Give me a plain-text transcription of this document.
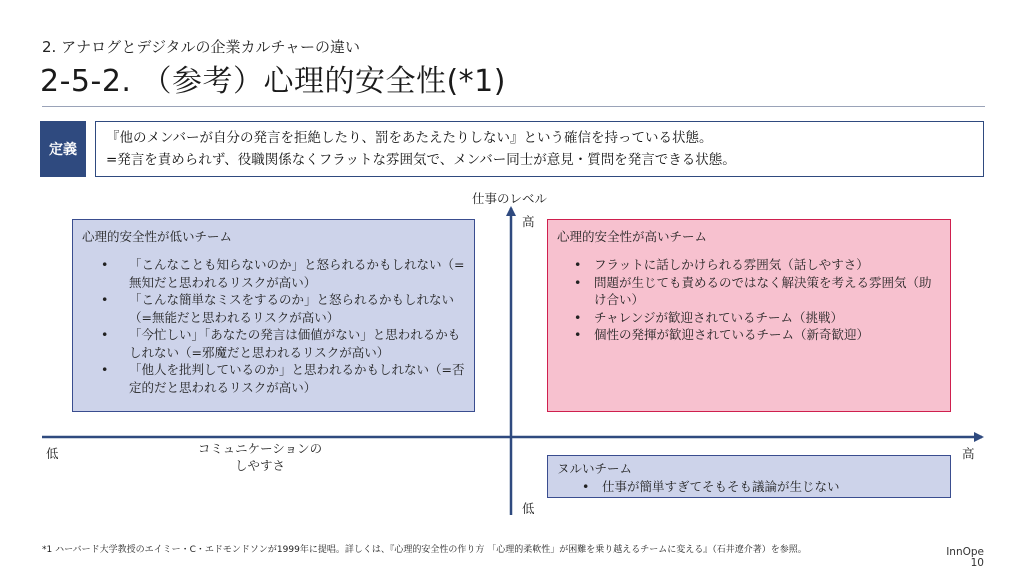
2. アナログとデジタルの企業カルチャーの違い
2-5-2. （参考）心理的安全性(*1)
定義
『他のメンバーが自分の発言を拒絶したり、罰をあたえたりしない』という確信を持っている状態。
=発言を責められず、役職関係なくフラットな雰囲気で、メンバー同士が意見・質問を発言できる状態。
仕事のレベル
高
低
低	高
コミュニケーションの
しやすさ
心理的安全性が低いチーム
• 「こんなことも知らないのか」と怒られるかもしれない（=無知だと思われるリスクが高い）
• 「こんな簡単なミスをするのか」と怒られるかもしれない（=無能だと思われるリスクが高い）
• 「今忙しい」「あなたの発言は価値がない」と思われるかもしれない（=邪魔だと思われるリスクが高い）
• 「他人を批判しているのか」と思われるかもしれない（=否定的だと思われるリスクが高い）
心理的安全性が高いチーム
• フラットに話しかけられる雰囲気（話しやすさ）
• 問題が生じても責めるのではなく解決策を考える雰囲気（助け合い）
• チャレンジが歓迎されているチーム（挑戦）
• 個性の発揮が歓迎されているチーム（新奇歓迎）
ヌルいチーム
• 仕事が簡単すぎてそもそも議論が生じない
*1 ハーバード大学教授のエイミー・C・エドモンドソンが1999年に提唱。詳しくは、『心理的安全性の作り方 「心理的柔軟性」が困難を乗り越えるチームに変える』（石井遼介著）を参照。	InnOpe
10
